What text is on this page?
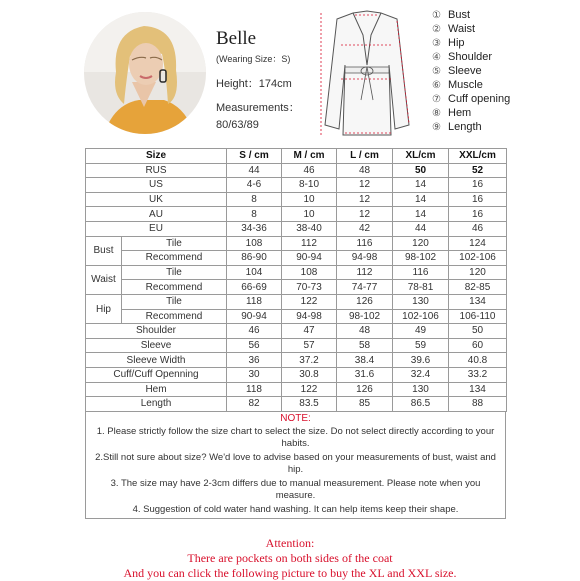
Belle
(Wearing Size：S)
Height：174cm
Measurements：
80/63/89
① Bust
② Waist
③ Hip
④ Shoulder
⑤ Sleeve
⑥ Muscle
⑦ Cuff opening
⑧ Hem
⑨ Length
Size		S / cm	M / cm	L / cm	XL/cm	XXL/cm
RUS		44	46	48	50	52
US		4-6	8-10	12	14	16
UK		8	10	12	14	16
AU		8	10	12	14	16
EU		34-36	38-40	42	44	46
Bust	Tile	108	112	116	120	124
	Recommend	86-90	90-94	94-98	98-102	102-106
Waist	Tile	104	108	112	116	120
	Recommend	66-69	70-73	74-77	78-81	82-85
Hip	Tile	118	122	126	130	134
	Recommend	90-94	94-98	98-102	102-106	106-110
Shoulder		46	47	48	49	50
Sleeve		56	57	58	59	60
Sleeve Width		36	37.2	38.4	39.6	40.8
Cuff/Cuff Openning		30	30.8	31.6	32.4	33.2
Hem		118	122	126	130	134
Length		82	83.5	85	86.5	88
NOTE:

1. Please strictly follow the size chart to select the size. Do not select directly according to your habits.

2.Still not sure about size? We'd love to advise based on your measurements of bust, waist and hip.

3. The size may have 2-3cm differs due to manual measurement. Please note when you measure.

4. Suggestion of cold water hand washing. It can help items keep their shape.

Attention:
There are pockets on both sides of the coat
And you can click the following picture to buy the XL and XXL size.
